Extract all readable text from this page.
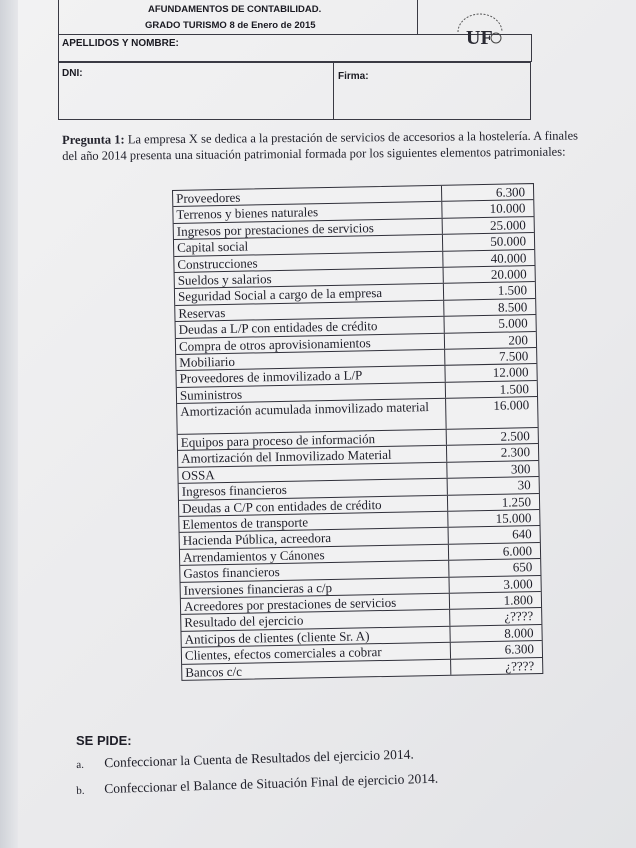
AFUNDAMENTOS DE CONTABILIDAD.
GRADO TURISMO 8 de Enero de 2015
APELLIDOS Y NOMBRE:
DNI:	Firma:
UF
Pregunta 1: La empresa X se dedica a la prestación de servicios de accesorios a la hostelería. A finales
del año 2014 presenta una situación patrimonial formada por los siguientes elementos patrimoniales:
Proveedores	6.300
Terrenos y bienes naturales	10.000
Ingresos por prestaciones de servicios	25.000
Capital social	50.000
Construcciones	40.000
Sueldos y salarios	20.000
Seguridad Social a cargo de la empresa	1.500
Reservas	8.500
Deudas a L/P con entidades de crédito	5.000
Compra de otros aprovisionamientos	200
Mobiliario	7.500
Proveedores de inmovilizado a L/P	12.000
Suministros	1.500
Amortización acumulada inmovilizado material	16.000
Equipos para proceso de información	2.500
Amortización del Inmovilizado Material	2.300
OSSA	300
Ingresos financieros	30
Deudas a C/P con entidades de crédito	1.250
Elementos de transporte	15.000
Hacienda Pública, acreedora	640
Arrendamientos y Cánones	6.000
Gastos financieros	650
Inversiones financieras a c/p	3.000
Acreedores por prestaciones de servicios	1.800
Resultado del ejercicio	¿????
Anticipos de clientes (cliente Sr. A)	8.000
Clientes, efectos comerciales a cobrar	6.300
Bancos c/c	¿????
SE PIDE:
a. Confeccionar la Cuenta de Resultados del ejercicio 2014.
b. Confeccionar el Balance de Situación Final de ejercicio 2014.
